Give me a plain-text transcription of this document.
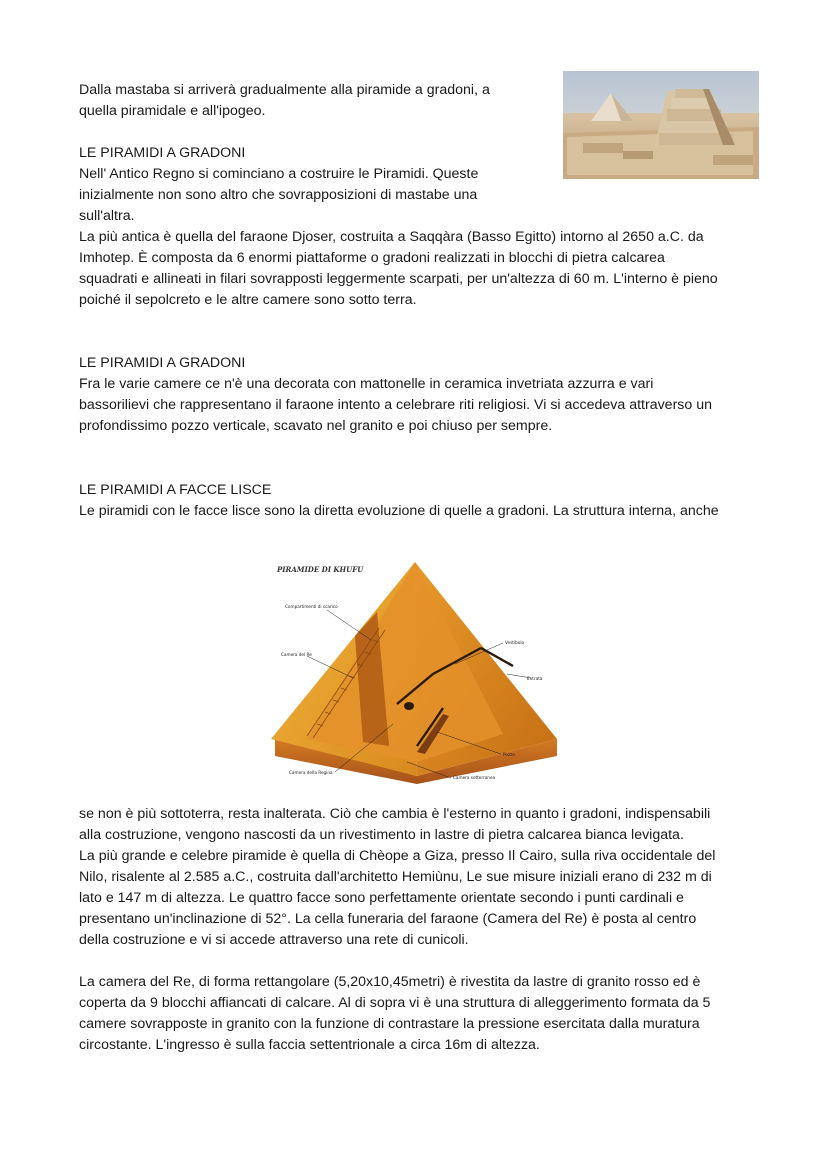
Dalla mastaba si arriverà gradualmente alla piramide a gradoni, a
quella piramidale e all'ipogeo.
LE PIRAMIDI A GRADONI
Nell' Antico Regno si cominciano a costruire le Piramidi. Queste
inizialmente non sono altro che sovrapposizioni di mastabe una
sull'altra.
La più antica è quella del faraone Djoser, costruita a Saqqàra (Basso Egitto) intorno al 2650 a.C. da
Imhotep. È composta da 6 enormi piattaforme o gradoni realizzati in blocchi di pietra calcarea
squadrati e allineati in filari sovrapposti leggermente scarpati, per un'altezza di 60 m. L'interno è pieno
poiché il sepolcreto e le altre camere sono sotto terra.
LE PIRAMIDI A GRADONI
Fra le varie camere ce n'è una decorata con mattonelle in ceramica invetriata azzurra e vari
bassorilievi che rappresentano il faraone intento a celebrare riti religiosi. Vi si accedeva attraverso un
profondissimo pozzo verticale, scavato nel granito e poi chiuso per sempre.
LE PIRAMIDI A FACCE LISCE
Le piramidi con le facce lisce sono la diretta evoluzione di quelle a gradoni. La struttura interna, anche
PIRAMIDE DI KHUFU
Compartimenti di scarico
Camera del Re
Vestibolo
Entrata
Pozzo
Camera della Regina
Camera sotterranea
se non è più sottoterra, resta inalterata. Ciò che cambia è l'esterno in quanto i gradoni, indispensabili
alla costruzione, vengono nascosti da un rivestimento in lastre di pietra calcarea bianca levigata.
La più grande e celebre piramide è quella di Chèope a Giza, presso Il Cairo, sulla riva occidentale del
Nilo, risalente al 2.585 a.C., costruita dall'architetto Hemiùnu, Le sue misure iniziali erano di 232 m di
lato e 147 m di altezza. Le quattro facce sono perfettamente orientate secondo i punti cardinali e
presentano un'inclinazione di 52°. La cella funeraria del faraone (Camera del Re) è posta al centro
della costruzione e vi si accede attraverso una rete di cunicoli.
La camera del Re, di forma rettangolare (5,20x10,45metri) è rivestita da lastre di granito rosso ed è
coperta da 9 blocchi affiancati di calcare. Al di sopra vi è una struttura di alleggerimento formata da 5
camere sovrapposte in granito con la funzione di contrastare la pressione esercitata dalla muratura
circostante. L'ingresso è sulla faccia settentrionale a circa 16m di altezza.
